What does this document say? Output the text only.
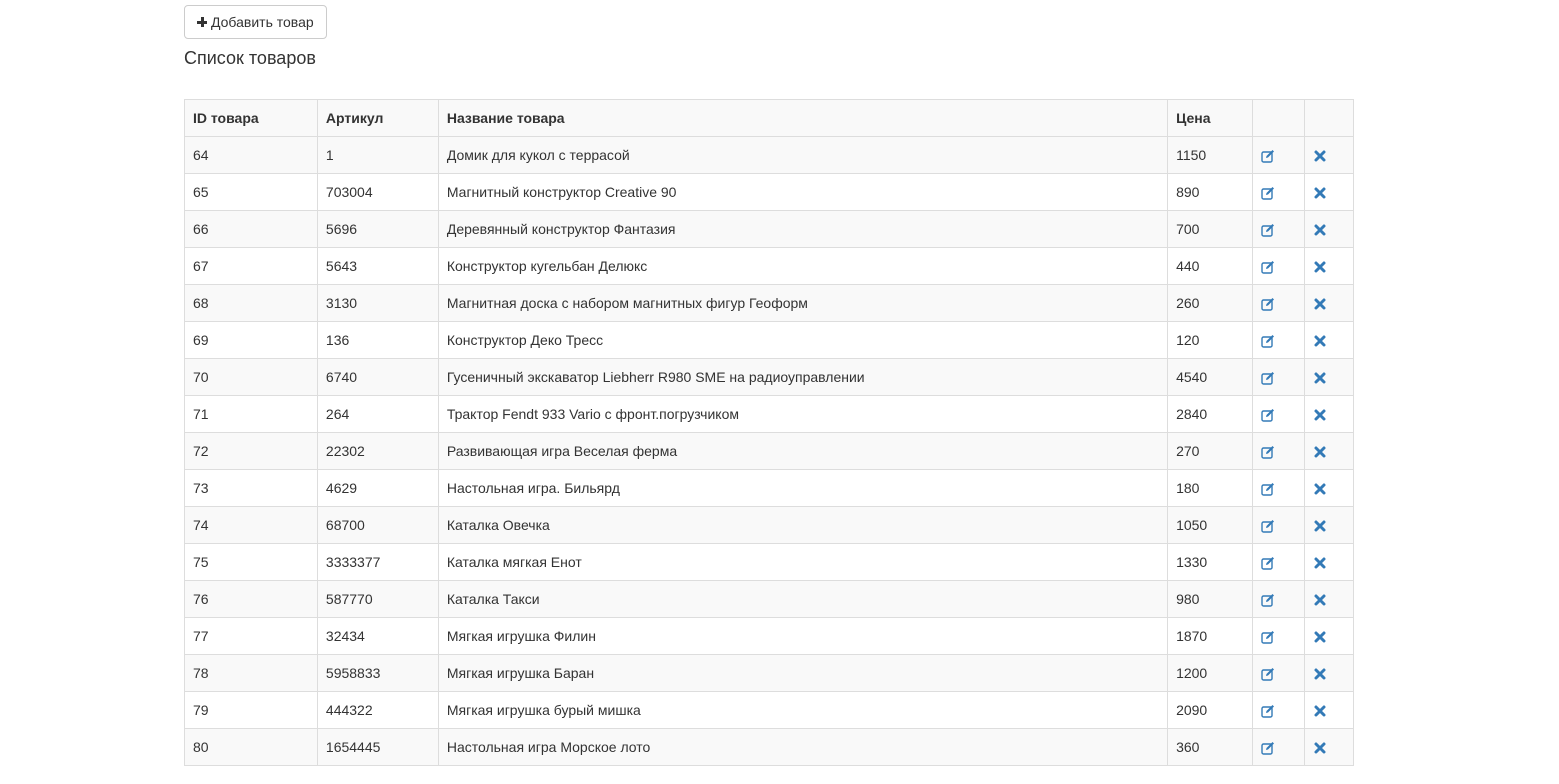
Добавить товар
Список товаров
ID товара	Артикул	Название товара	Цена		
64	1	Домик для кукол с террасой	1150		
65	703004	Магнитный конструктор Creative 90	890		
66	5696	Деревянный конструктор Фантазия	700		
67	5643	Конструктор кугельбан Делюкс	440		
68	3130	Магнитная доска с набором магнитных фигур Геоформ	260		
69	136	Конструктор Деко Тресс	120		
70	6740	Гусеничный экскаватор Liebherr R980 SME на радиоуправлении	4540		
71	264	Трактор Fendt 933 Vario с фронт.погрузчиком	2840		
72	22302	Развивающая игра Веселая ферма	270		
73	4629	Настольная игра. Бильярд	180		
74	68700	Каталка Овечка	1050		
75	3333377	Каталка мягкая Енот	1330		
76	587770	Каталка Такси	980		
77	32434	Мягкая игрушка Филин	1870		
78	5958833	Мягкая игрушка Баран	1200		
79	444322	Мягкая игрушка бурый мишка	2090		
80	1654445	Настольная игра Морское лото	360		
